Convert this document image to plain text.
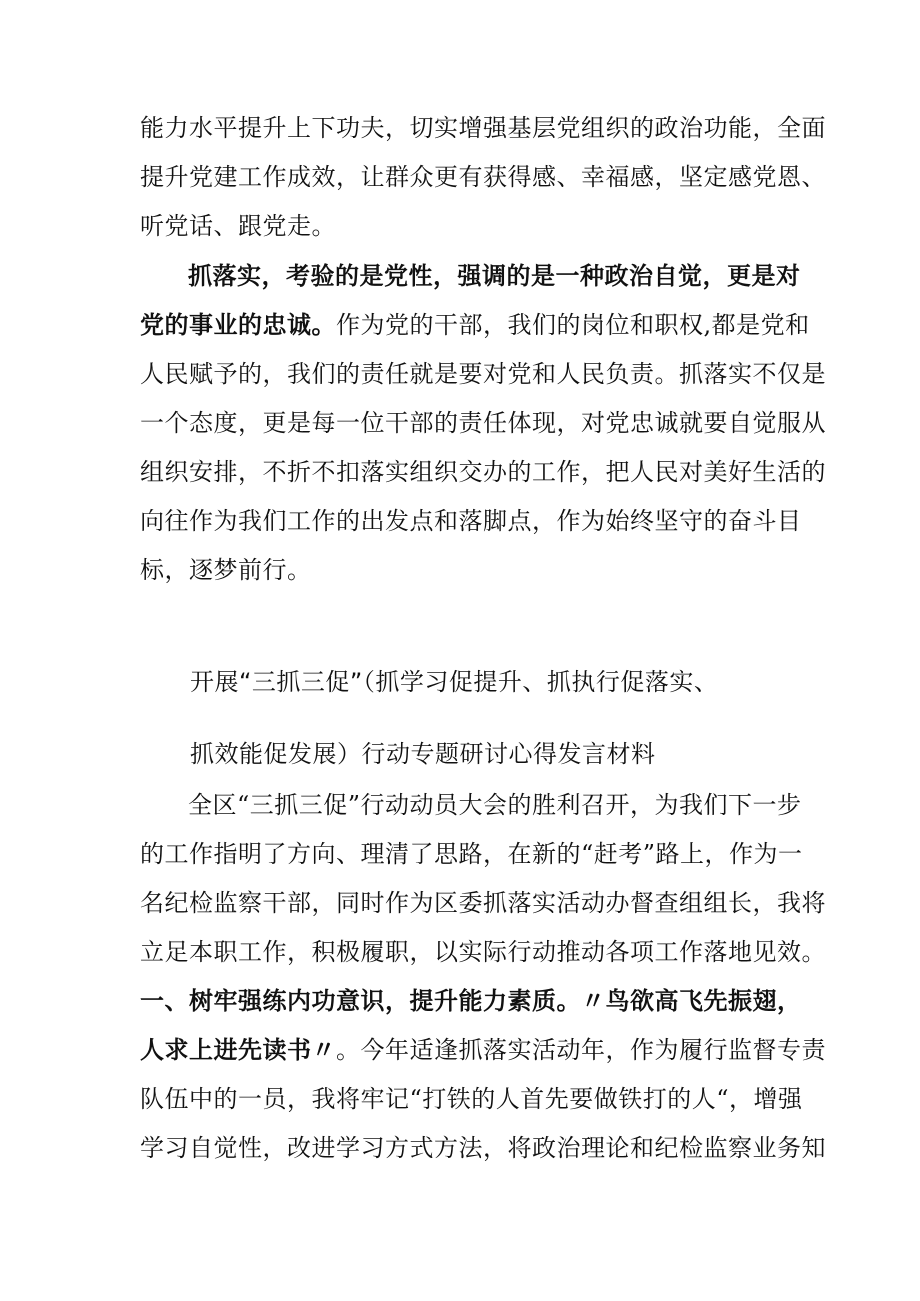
能力水平提升上下功夫，切实增强基层党组织的政治功能，全面
提升党建工作成效，让群众更有获得感、幸福感，坚定感党恩、
听党话、跟党走。
抓落实，考验的是党性，强调的是一种政治自觉，更是对
党的事业的忠诚。作为党的干部，我们的岗位和职权,都是党和
人民赋予的，我们的责任就是要对党和人民负责。抓落实不仅是
一个态度，更是每一位干部的责任体现，对党忠诚就要自觉服从
组织安排，不折不扣落实组织交办的工作，把人民对美好生活的
向往作为我们工作的出发点和落脚点，作为始终坚守的奋斗目
标，逐梦前行。
开展“三抓三促”（抓学习促提升、抓执行促落实、
抓效能促发展）行动专题研讨心得发言材料
全区“三抓三促”行动动员大会的胜利召开，为我们下一步
的工作指明了方向、理清了思路，在新的“赶考”路上，作为一
名纪检监察干部，同时作为区委抓落实活动办督查组组长，我将
立足本职工作，积极履职，以实际行动推动各项工作落地见效。
一、树牢强练内功意识，提升能力素质。〃鸟欲高飞先振翅，
人求上进先读书〃。今年适逢抓落实活动年，作为履行监督专责
队伍中的一员，我将牢记“打铁的人首先要做铁打的人“，增强
学习自觉性，改进学习方式方法，将政治理论和纪检监察业务知
